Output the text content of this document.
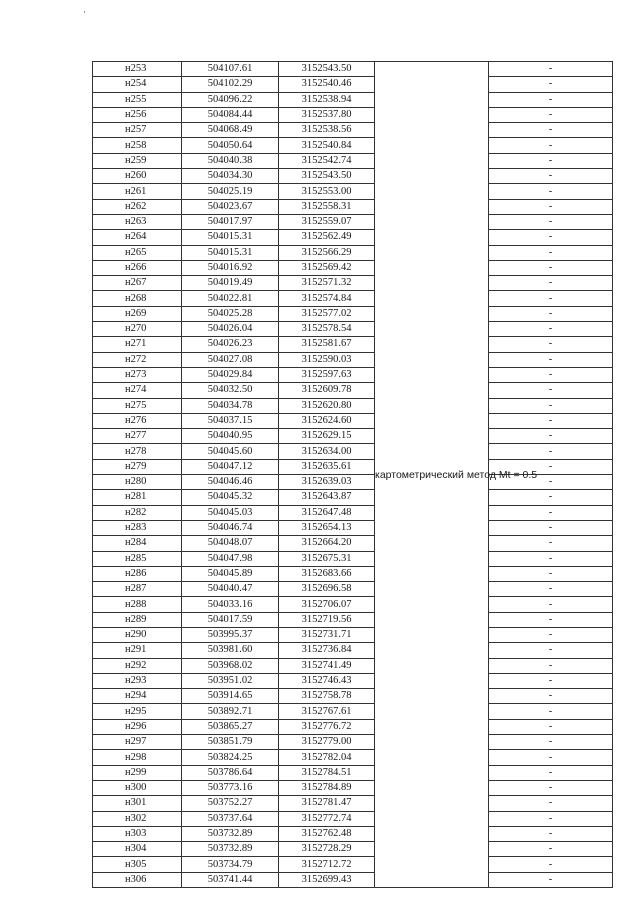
‚
н253	504107.61	3152543.50	картометрический метод Mt = 0.5	-
н254	504102.29	3152540.46		-
н255	504096.22	3152538.94		-
н256	504084.44	3152537.80		-
н257	504068.49	3152538.56		-
н258	504050.64	3152540.84		-
н259	504040.38	3152542.74		-
н260	504034.30	3152543.50		-
н261	504025.19	3152553.00		-
н262	504023.67	3152558.31		-
н263	504017.97	3152559.07		-
н264	504015.31	3152562.49		-
н265	504015.31	3152566.29		-
н266	504016.92	3152569.42		-
н267	504019.49	3152571.32		-
н268	504022.81	3152574.84		-
н269	504025.28	3152577.02		-
н270	504026.04	3152578.54		-
н271	504026.23	3152581.67		-
н272	504027.08	3152590.03		-
н273	504029.84	3152597.63		-
н274	504032.50	3152609.78		-
н275	504034.78	3152620.80		-
н276	504037.15	3152624.60		-
н277	504040.95	3152629.15		-
н278	504045.60	3152634.00		-
н279	504047.12	3152635.61		-
н280	504046.46	3152639.03		-
н281	504045.32	3152643.87		-
н282	504045.03	3152647.48		-
н283	504046.74	3152654.13		-
н284	504048.07	3152664.20		-
н285	504047.98	3152675.31		-
н286	504045.89	3152683.66		-
н287	504040.47	3152696.58		-
н288	504033.16	3152706.07		-
н289	504017.59	3152719.56		-
н290	503995.37	3152731.71		-
н291	503981.60	3152736.84		-
н292	503968.02	3152741.49		-
н293	503951.02	3152746.43		-
н294	503914.65	3152758.78		-
н295	503892.71	3152767.61		-
н296	503865.27	3152776.72		-
н297	503851.79	3152779.00		-
н298	503824.25	3152782.04		-
н299	503786.64	3152784.51		-
н300	503773.16	3152784.89		-
н301	503752.27	3152781.47		-
н302	503737.64	3152772.74		-
н303	503732.89	3152762.48		-
н304	503732.89	3152728.29		-
н305	503734.79	3152712.72		-
н306	503741.44	3152699.43		-
